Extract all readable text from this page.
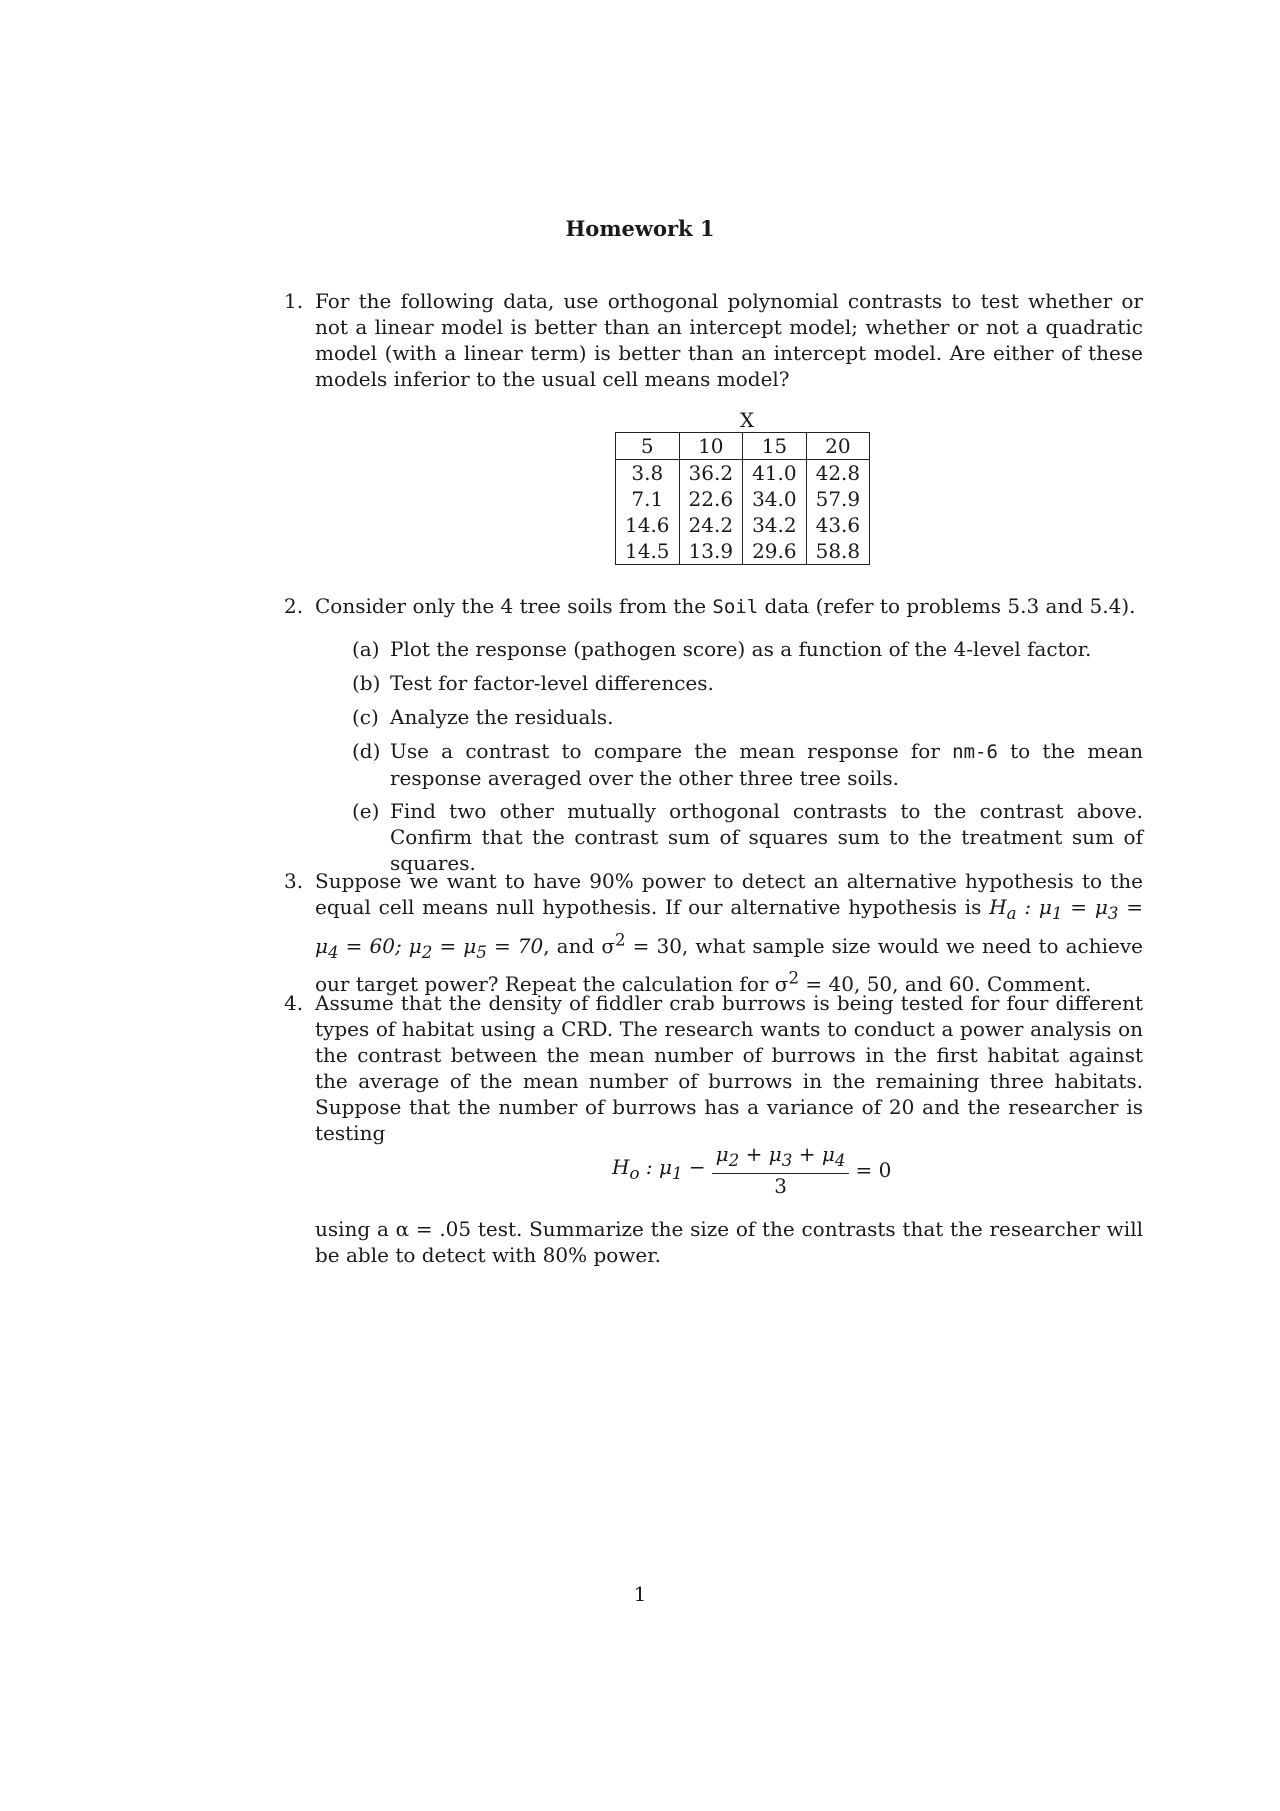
Homework 1
1. For the following data, use orthogonal polynomial contrasts to test whether or not a linear model is better than an intercept model; whether or not a quadratic model (with a linear term) is better than an intercept model. Are either of these models inferior to the usual cell means model?
X
5	10	15	20
3.8	36.2	41.0	42.8
7.1	22.6	34.0	57.9
14.6	24.2	34.2	43.6
14.5	13.9	29.6	58.8
2. Consider only the 4 tree soils from the Soil data (refer to problems 5.3 and 5.4).
(a) Plot the response (pathogen score) as a function of the 4-level factor.
(b) Test for factor-level differences.
(c) Analyze the residuals.
(d) Use a contrast to compare the mean response for nm-6 to the mean response averaged over the other three tree soils.
(e) Find two other mutually orthogonal contrasts to the contrast above. Confirm that the contrast sum of squares sum to the treatment sum of squares.
3. Suppose we want to have 90% power to detect an alternative hypothesis to the equal cell means null hypothesis. If our alternative hypothesis is $H_a$ : $\mu_1 = \mu_3 = \mu_4 = 60$; $\mu_2 = \mu_5 = 70$, and $\sigma^2 = 30$, what sample size would we need to achieve our target power? Repeat the calculation for $\sigma^2 = 40$, 50, and 60. Comment.
4. Assume that the density of fiddler crab burrows is being tested for four different types of habitat using a CRD. The research wants to conduct a power analysis on the contrast between the mean number of burrows in the first habitat against the average of the mean number of burrows in the remaining three habitats. Suppose that the number of burrows has a variance of 20 and the researcher is testing
$H_o$ : $\mu_1 - \frac{\mu_2 + \mu_3 + \mu_4}{3} = 0$
using a α = .05 test. Summarize the size of the contrasts that the researcher will be able to detect with 80% power.
1
